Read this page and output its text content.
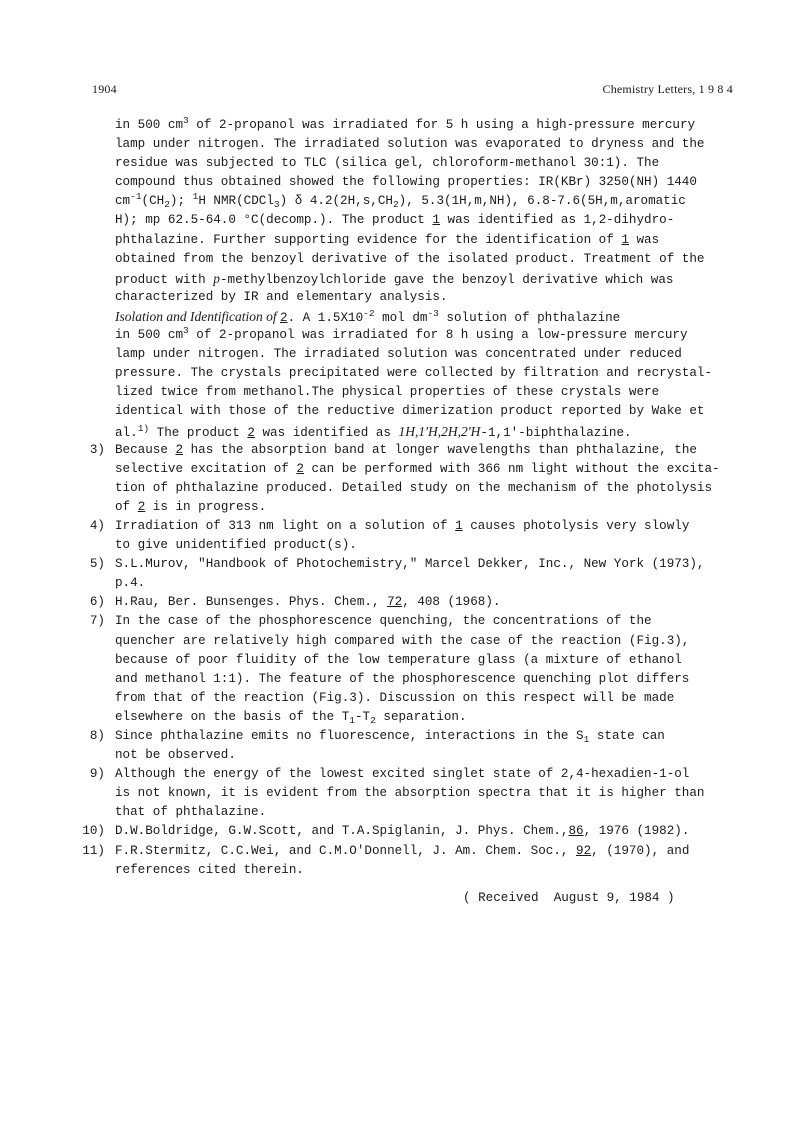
1904	Chemistry Letters, 1 9 8 4
in 500 $cm^3$ of 2-propanol was irradiated for 5 h using a high-pressure mercury
lamp under nitrogen. The irradiated solution was evaporated to dryness and the
residue was subjected to TLC (silica gel, chloroform-methanol 30:1). The
compound thus obtained showed the following properties: IR(KBr) 3250(NH) 1440
$cm^{-1}(CH_2)$; $^1$H NMR(CDCl$_3$) δ $4.2(2H,s,CH_2)$, 5.3(1H,m,NH), 6.8-7.6(5H,m,aromatic
H); mp 62.5-64.0 °C(decomp.). The product 1 was identified as 1,2-dihydro-
phthalazine. Further supporting evidence for the identification of 1 was
obtained from the benzoyl derivative of the isolated product. Treatment of the
product with p-methylbenzoylchloride gave the benzoyl derivative which was
characterized by IR and elementary analysis.
Isolation and Identification of 2. A $1.5X10^{-2}$ mol $dm^{-3}$ solution of phthalazine
in 500 $cm^3$ of 2-propanol was irradiated for 8 h using a low-pressure mercury
lamp under nitrogen. The irradiated solution was concentrated under reduced
pressure. The crystals precipitated were collected by filtration and recrystal-
lized twice from methanol.The physical properties of these crystals were
identical with those of the reductive dimerization product reported by Wake et
al.$^{1)}$ The product 2 was identified as 1H,1'H,2H,2'H-1,1'-biphthalazine.
3) Because 2 has the absorption band at longer wavelengths than phthalazine, the
selective excitation of 2 can be performed with 366 nm light without the excita-
tion of phthalazine produced. Detailed study on the mechanism of the photolysis
of 2 is in progress.
4) Irradiation of 313 nm light on a solution of 1 causes photolysis very slowly
to give unidentified product(s).
5) S.L.Murov, "Handbook of Photochemistry," Marcel Dekker, Inc., New York (1973),
p.4.
6) H.Rau, Ber. Bunsenges. Phys. Chem., 72, 408 (1968).
7) In the case of the phosphorescence quenching, the concentrations of the
quencher are relatively high compared with the case of the reaction (Fig.3),
because of poor fluidity of the low temperature glass (a mixture of ethanol
and methanol 1:1). The feature of the phosphorescence quenching plot differs
from that of the reaction (Fig.3). Discussion on this respect will be made
elsewhere on the basis of the $T_1-T_2$ separation.
8) Since phthalazine emits no fluorescence, interactions in the $S_1$ state can
not be observed.
9) Although the energy of the lowest excited singlet state of 2,4-hexadien-1-ol
is not known, it is evident from the absorption spectra that it is higher than
that of phthalazine.
10) D.W.Boldridge, G.W.Scott, and T.A.Spiglanin, J. Phys. Chem.,86, 1976 (1982).
11) F.R.Stermitz, C.C.Wei, and C.M.O'Donnell, J. Am. Chem. Soc., 92, (1970), and
references cited therein.
( Received  August 9, 1984 )
